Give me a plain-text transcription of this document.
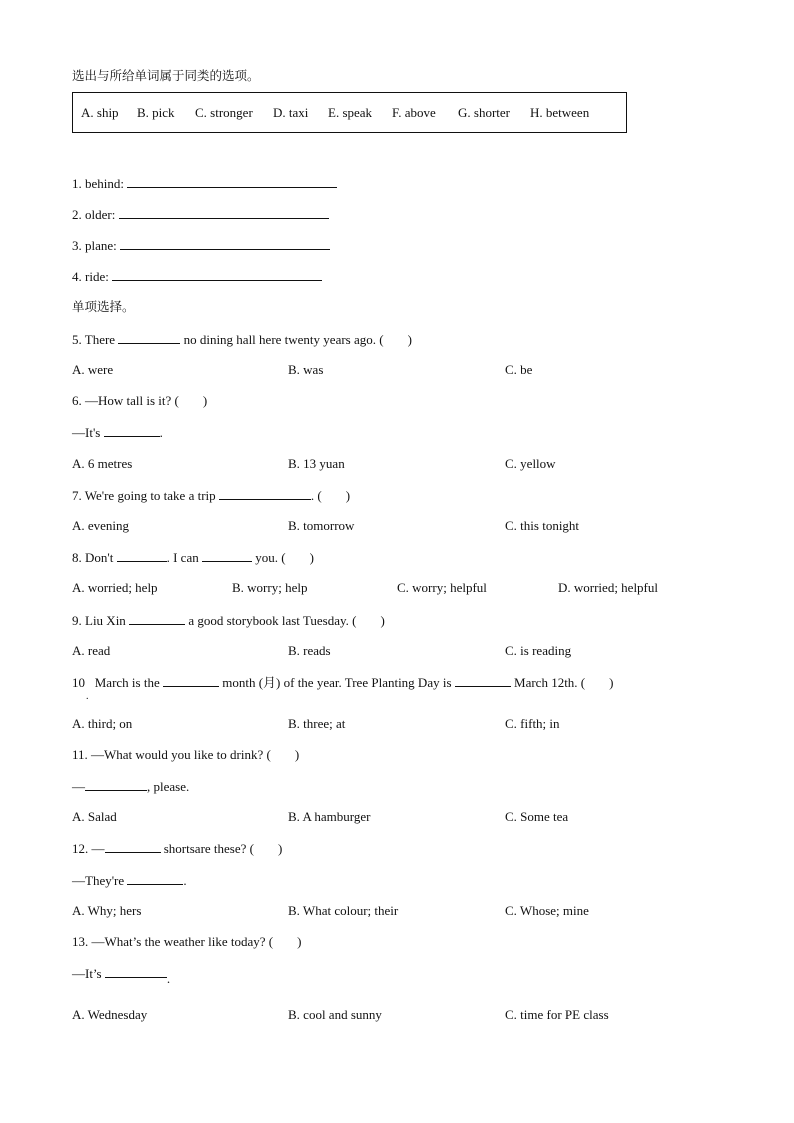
选出与所给单词属于同类的选项。
A. ship B. pick C. stronger D. taxi E. speak F. above G. shorter H. between
1. behind:
2. older:
3. plane:
4. ride:
单项选择。
5. There	no dining hall here twenty years ago. ( )
A. were	B. was	C. be
6. —How tall is it? ( )
—It's	.
A. 6 metres	B. 13 yuan	C. yellow
7. We're going to take a trip	. ( )
A. evening	B. tomorrow	C. this tonight
8. Don't	. I can	you. ( )
A. worried; help	B. worry; help	C. worry; helpful	D. worried; helpful
9. Liu Xin	a good storybook last Tuesday. ( )
A. read	B. reads	C. is reading
10 March is the	month (月) of the year. Tree Planting Day is	March 12th. ( )
.
A. third; on	B. three; at	C. fifth; in
11. —What would you like to drink? ( )
—	, please.
A. Salad	B. A hamburger	C. Some tea
12. —	shortsare these? ( )
—They're	.
A. Why; hers	B. What colour; their	C. Whose; mine
13. —What’s the weather like today? ( )
—It’s	.
A. Wednesday	B. cool and sunny	C. time for PE class
